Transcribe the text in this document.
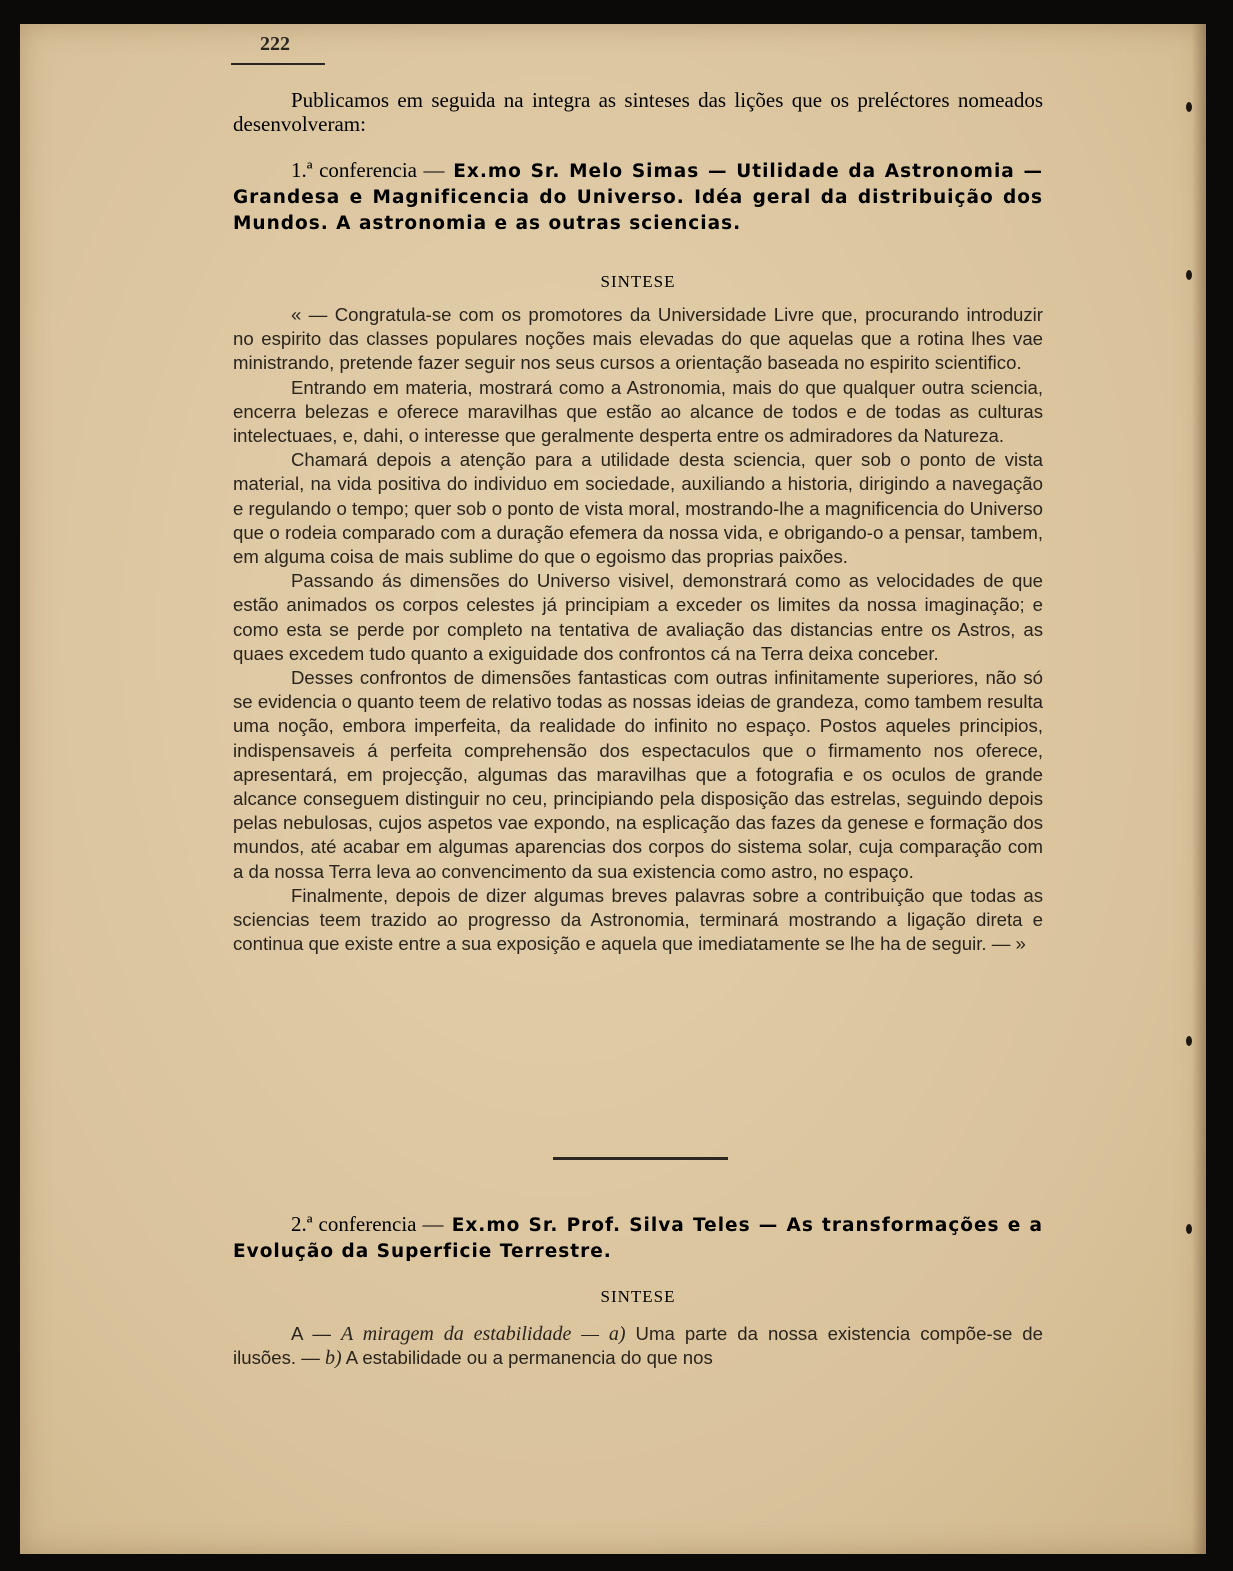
222
Publicamos em seguida na integra as sinteses das lições que os preléctores nomeados desenvolveram:
1.ª conferencia — Ex.mo Sr. Melo Simas — Utilidade da Astronomia — Grandesa e Magnificencia do Universo. Idéa geral da distribuição dos Mundos. A astronomia e as outras sciencias.
SINTESE

« — Congratula-se com os promotores da Universidade Livre que, procurando introduzir no espirito das classes populares noções mais elevadas do que aquelas que a rotina lhes vae ministrando, pretende fazer seguir nos seus cursos a orientação baseada no espirito scientifico.

Entrando em materia, mostrará como a Astronomia, mais do que qualquer outra sciencia, encerra belezas e oferece maravilhas que estão ao alcance de todos e de todas as culturas intelectuaes, e, dahi, o interesse que geralmente desperta entre os admiradores da Natureza.

Chamará depois a atenção para a utilidade desta sciencia, quer sob o ponto de vista material, na vida positiva do individuo em sociedade, auxiliando a historia, dirigindo a navegação e regulando o tempo; quer sob o ponto de vista moral, mostrando-lhe a magnificencia do Universo que o rodeia comparado com a duração efemera da nossa vida, e obrigando-o a pensar, tambem, em alguma coisa de mais sublime do que o egoismo das proprias paixões.

Passando ás dimensões do Universo visivel, demonstrará como as velocidades de que estão animados os corpos celestes já principiam a exceder os limites da nossa imaginação; e como esta se perde por completo na tentativa de avaliação das distancias entre os Astros, as quaes excedem tudo quanto a exiguidade dos confrontos cá na Terra deixa conceber.

Desses confrontos de dimensões fantasticas com outras infinitamente superiores, não só se evidencia o quanto teem de relativo todas as nossas ideias de grandeza, como tambem resulta uma noção, embora imperfeita, da realidade do infinito no espaço. Postos aqueles principios, indispensaveis á perfeita comprehensão dos espectaculos que o firmamento nos oferece, apresentará, em projecção, algumas das maravilhas que a fotografia e os oculos de grande alcance conseguem distinguir no ceu, principiando pela disposição das estrelas, seguindo depois pelas nebulosas, cujos aspetos vae expondo, na esplicação das fazes da genese e formação dos mundos, até acabar em algumas aparencias dos corpos do sistema solar, cuja comparação com a da nossa Terra leva ao convencimento da sua existencia como astro, no espaço.

Finalmente, depois de dizer algumas breves palavras sobre a contribuição que todas as sciencias teem trazido ao progresso da Astronomia, terminará mostrando a ligação direta e continua que existe entre a sua exposição e aquela que imediatamente se lhe ha de seguir. — »

2.ª conferencia — Ex.mo Sr. Prof. Silva Teles — As transformações e a Evolução da Superficie Terrestre.
SINTESE
A — A miragem da estabilidade — a) Uma parte da nossa existencia compõe-se de ilusões. — b) A estabilidade ou a permanencia do que nos
